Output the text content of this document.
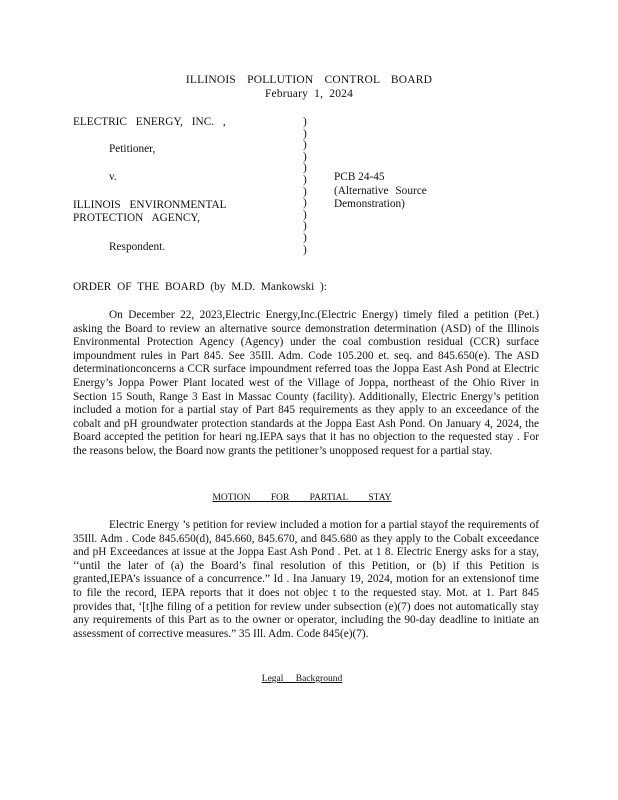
ILLINOIS POLLUTION CONTROL BOARD
February 1, 2024
ELECTRIC ENERGY, INC. ,
Petitioner,
v.
ILLINOIS ENVIRONMENTAL
PROTECTION AGENCY,
Respondent.
)
)
)
)
)
)
)
)
)
)
)
)
PCB 24-45
(Alternative Source
Demonstration)
ORDER OF THE BOARD (by M.D. Mankowski ):
On December 22, 2023,Electric Energy,Inc.(Electric Energy) timely filed a petition (Pet.) asking the Board to review an alternative source demonstration determination (ASD) of the Illinois Environmental Protection Agency (Agency) under the coal combustion residual (CCR) surface impoundment rules in Part 845. See 35Ill. Adm. Code 105.200 et. seq. and 845.650(e). The ASD determinationconcerns a CCR surface impoundment referred toas the Joppa East Ash Pond at Electric Energy’s Joppa Power Plant located west of the Village of Joppa, northeast of the Ohio River in Section 15 South, Range 3 East in Massac County (facility). Additionally, Electric Energy’s petition included a motion for a partial stay of Part 845 requirements as they apply to an exceedance of the cobalt and pH groundwater protection standards at the Joppa East Ash Pond. On January 4, 2024, the Board accepted the petition for heari ng.IEPA says that it has no objection to the requested stay . For the reasons below, the Board now grants the petitioner’s unopposed request for a partial stay.
MOTION FOR PARTIAL STAY
Electric Energy ’s petition for review included a motion for a partial stayof the requirements of 35Ill. Adm . Code 845.650(d), 845.660, 845.670, and 845.680 as they apply to the Cobalt exceedance and pH Exceedances at issue at the Joppa East Ash Pond . Pet. at 1 8. Electric Energy asks for a stay, ‘‘until the later of (a) the Board’s final resolution of this Petition, or (b) if this Petition is granted,IEPA’s issuance of a concurrence.” Id . Ina January 19, 2024, motion for an extensionof time to file the record, IEPA reports that it does not objec t to the requested stay. Mot. at 1. Part 845 provides that, ‘[t]he filing of a petition for review under subsection (e)(7) does not automatically stay any requirements of this Part as to the owner or operator, including the 90-day deadline to initiate an assessment of corrective measures.” 35 Ill. Adm. Code 845(e)(7).
Legal Background
